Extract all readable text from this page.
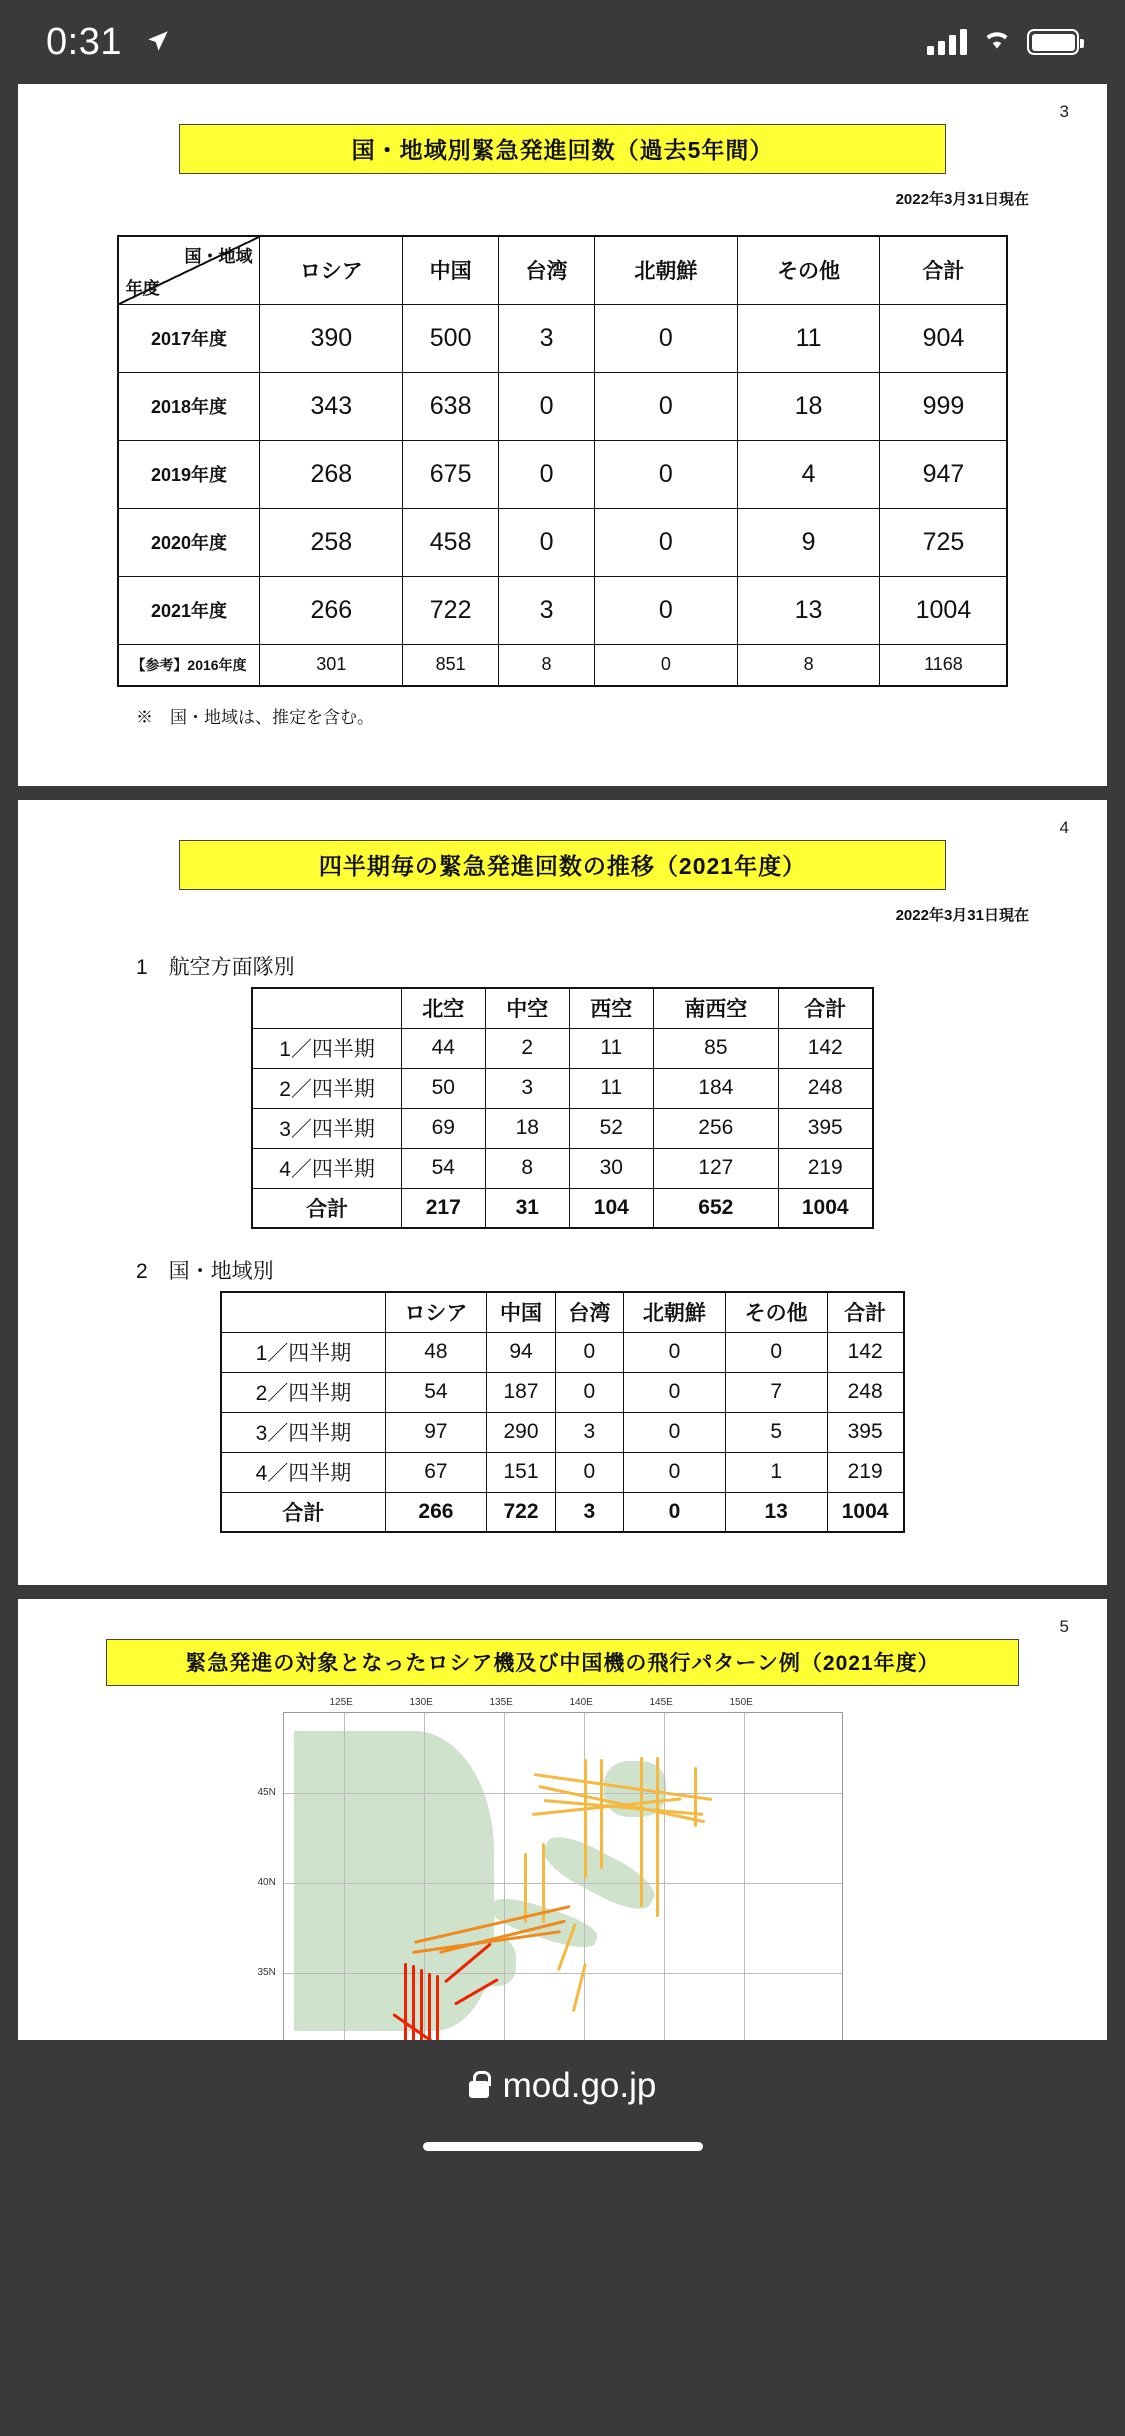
0:31
3
国・地域別緊急発進回数（過去5年間）
2022年3月31日現在
国・地域
年度	ロシア	中国	台湾	北朝鮮	その他	合計
2017年度	390	500	3	0	11	904
2018年度	343	638	0	0	18	999
2019年度	268	675	0	0	4	947
2020年度	258	458	0	0	9	725
2021年度	266	722	3	0	13	1004
【参考】2016年度	301	851	8	0	8	1168
※　国・地域は、推定を含む。
4
四半期毎の緊急発進回数の推移（2021年度）
2022年3月31日現在
1　航空方面隊別
	北空	中空	西空	南西空	合計
1／四半期	44	2	11	85	142
2／四半期	50	3	11	184	248
3／四半期	69	18	52	256	395
4／四半期	54	8	30	127	219
合計	217	31	104	652	1004
2　国・地域別
	ロシア	中国	台湾	北朝鮮	その他	合計
1／四半期	48	94	0	0	0	142
2／四半期	54	187	0	0	7	248
3／四半期	97	290	3	0	5	395
4／四半期	67	151	0	0	1	219
合計	266	722	3	0	13	1004
5
緊急発進の対象となったロシア機及び中国機の飛行パターン例（2021年度）
125E	130E	135E	140E	145E	150E
45N
40N
35N
mod.go.jp
